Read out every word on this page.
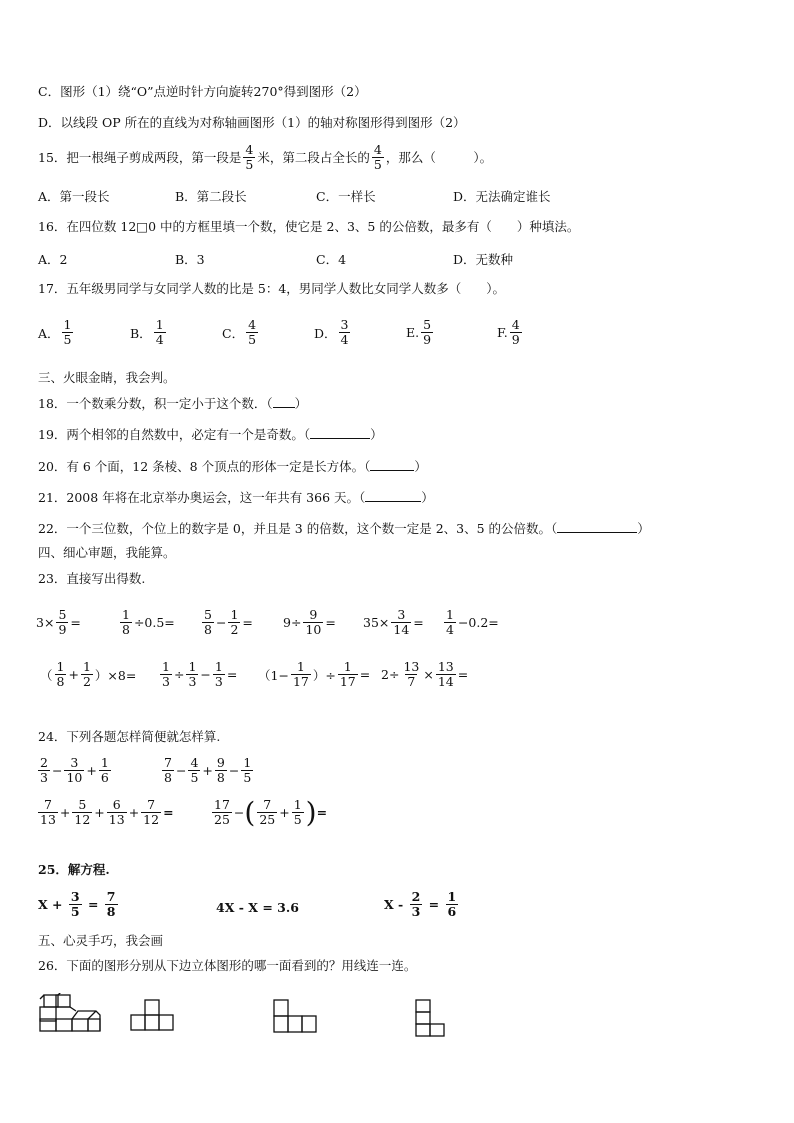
C．图形（1）绕“O”点逆时针方向旋转270°得到图形（2）
D．以线段 OP 所在的直线为对称轴画图形（1）的轴对称图形得到图形（2）
15．把一根绳子剪成两段，第一段是 $\frac{4}{5}$ 米，第二段占全长的 $\frac{4}{5}$ ，那么（　　　）。
A．第一段长	B．第二段长	C．一样长	D．无法确定谁长
16．在四位数 12□0 中的方框里填一个数，使它是 2、3、5 的公倍数，最多有（　　）种填法。
A．2	B．3	C．4	D．无数种
17．五年级男同学与女同学人数的比是 5：4，男同学人数比女同学人数多（　　）。
A． $\frac{1}{5}$	B． $\frac{1}{4}$	C． $\frac{4}{5}$	D． $\frac{3}{4}$	E. $\frac{5}{9}$	F. $\frac{4}{9}$
三、火眼金睛，我会判。
18．一个数乘分数，积一定小于这个数．（ ）
19．两个相邻的自然数中，必定有一个是奇数。（	）
20．有 6 个面，12 条棱、8 个顶点的形体一定是长方体。（	）
21．2008 年将在北京举办奥运会，这一年共有 366 天。（	）
22．一个三位数，个位上的数字是 0，并且是 3 的倍数，这个数一定是 2、3、5 的公倍数。（	）
四、细心审题，我能算。
23．直接写出得数.
$3\times \frac{5}{9}$ =	$\frac{1}{8} \div 0.5= \frac{5}{8} - \frac{1}{2} = 9\div \frac{9}{10} = 35\times \frac{3}{14} = \frac{1}{4} -0.2=$
（ $\frac{1}{8} + \frac{1}{2} )\times 8= \frac{1}{3} \div \frac{1}{3} - \frac{1}{3} = (1- \frac{1}{17}$ ）÷ $\frac{1}{17} = 2\div \frac{13}{7} \times \frac{13}{14}$ =
24．下列各题怎样简便就怎样算.
$\frac{2}{3} - \frac{3}{10} + \frac{1}{6}$	$\frac{7}{8} - \frac{4}{5} + \frac{9}{8} - \frac{1}{5}$
$\frac{7}{13} + \frac{5}{12} + \frac{6}{13} + \frac{7}{12}$ =	$\frac{17}{25}$ − ( $\frac{7}{25} + \frac{1}{5}$ ) =
25．解方程.
X +
$\frac{3}{5}$
=
$\frac{7}{8}$	4X - X = 3.6	X -
$\frac{2}{3}$
=
$\frac{1}{6}$
五、心灵手巧，我会画
26．下面的图形分别从下边立体图形的哪一面看到的？用线连一连。
